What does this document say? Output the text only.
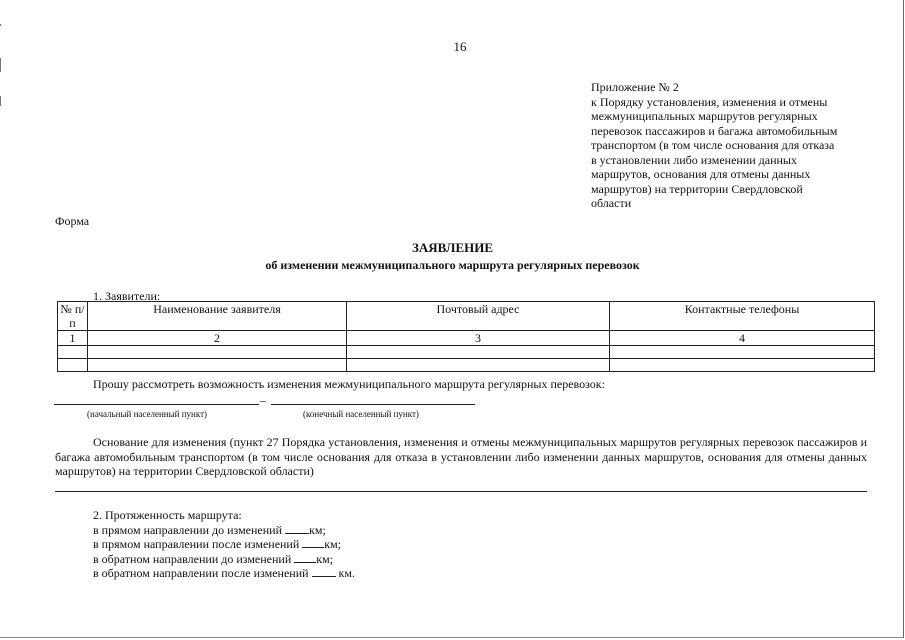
16
Приложение № 2
к Порядку установления, изменения и отмены
межмуниципальных маршрутов регулярных
перевозок пассажиров и багажа автомобильным
транспортом (в том числе основания для отказа
в установлении либо изменении данных
маршрутов, основания для отмены данных
маршрутов) на территории Свердловской
области
Форма
ЗАЯВЛЕНИЕ
об изменении межмуниципального маршрута регулярных перевозок
1. Заявители:
№ п/п	Наименование заявителя	Почтовый адрес	Контактные телефоны
1	2	3	4

Прошу рассмотреть возможность изменения межмуниципального маршрута регулярных перевозок:
–
(начальный населенный пункт)	(конечный населенный пункт)

Основание для изменения (пункт 27 Порядка установления, изменения и отмены межмуниципальных маршрутов регулярных перевозок пассажиров и багажа автомобильным транспортом (в том числе основания для отказа в установлении либо изменении данных маршрутов, основания для отмены данных маршрутов) на территории Свердловской области)

2. Протяженность маршрута:
в прямом направлении до изменений км;
в прямом направлении после изменений км;
в обратном направлении до изменений км;
в обратном направлении после изменений	км.
